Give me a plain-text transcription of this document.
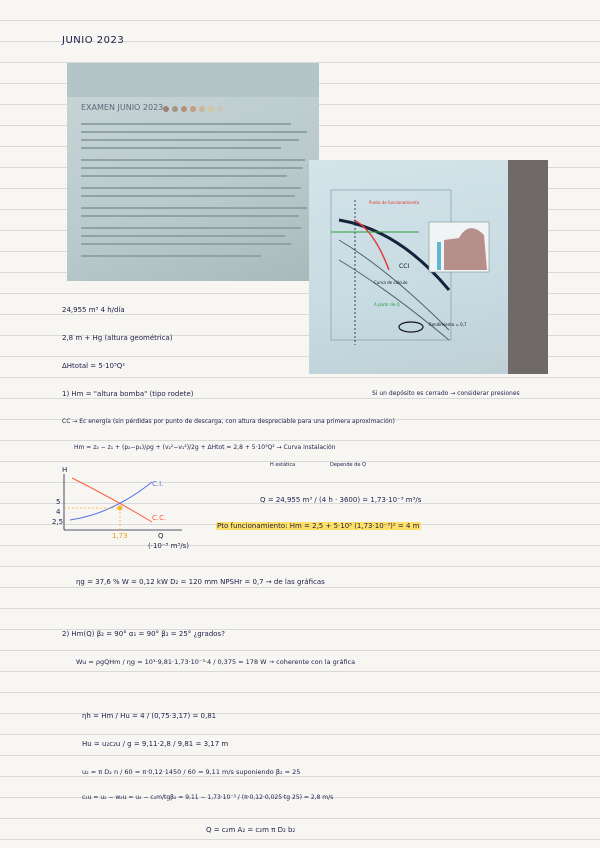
JUNIO 2023
EXAMEN JUNIO 2023
Punto de funcionamiento
CCI
Curva de cálculo
A partir de Q
Rendimiento = 0,7
24,955 m³ 4 h/día
2,8 m + Hg (altura geométrica)
ΔHtotal = 5·10⁵Q²
1) Hm = "altura bomba" (tipo rodete)	Si un depósito es cerrado → considerar presiones
CC → Ec energía (sin pérdidas por punto de descarga, con altura despreciable para una primera aproximación)
Hm = z₂ − z₁ + (p₂−p₁)/ρg + (v₂²−v₁²)/2g + ΔHtot = 2,8 + 5·10⁵Q² → Curva instalación
H estática	Depende de Q
H
5
4
2,5
1,73	Q
(·10⁻³ m³/s)
C.I.
C.C.
Q = 24,955 m³ / (4 h · 3600) = 1,73·10⁻³ m³/s
Pto funcionamiento: Hm = 2,5 + 5·10⁵ (1,73·10⁻³)² = 4 m
ηg = 37,6 % W = 0,12 kW D₂ = 120 mm NPSHr = 0,7 → de las gráficas
2) Hm(Q) β₂ = 90° α₁ = 90° β₂ = 25° ¿grados?
Wu = ρgQHm / ηg = 10³·9,81·1,73·10⁻³·4 / 0,375 = 178 W → coherente con la gráfica
ηh = Hm / Hu = 4 / (0,75·3,17) = 0,81
Hu = u₂c₂u / g = 9,11·2,8 / 9,81 = 3,17 m
u₂ = π D₂ n / 60 = π·0,12·1450 / 60 = 9,11 m/s suponiendo β₂ = 25
c₂u = u₂ − w₂u = u₂ − c₂m/tgβ₂ = 9,11 − 1,73·10⁻³ / (π·0,12·0,025·tg 25) = 2,8 m/s
Q = c₂m A₂ = c₂m π D₂ b₂
